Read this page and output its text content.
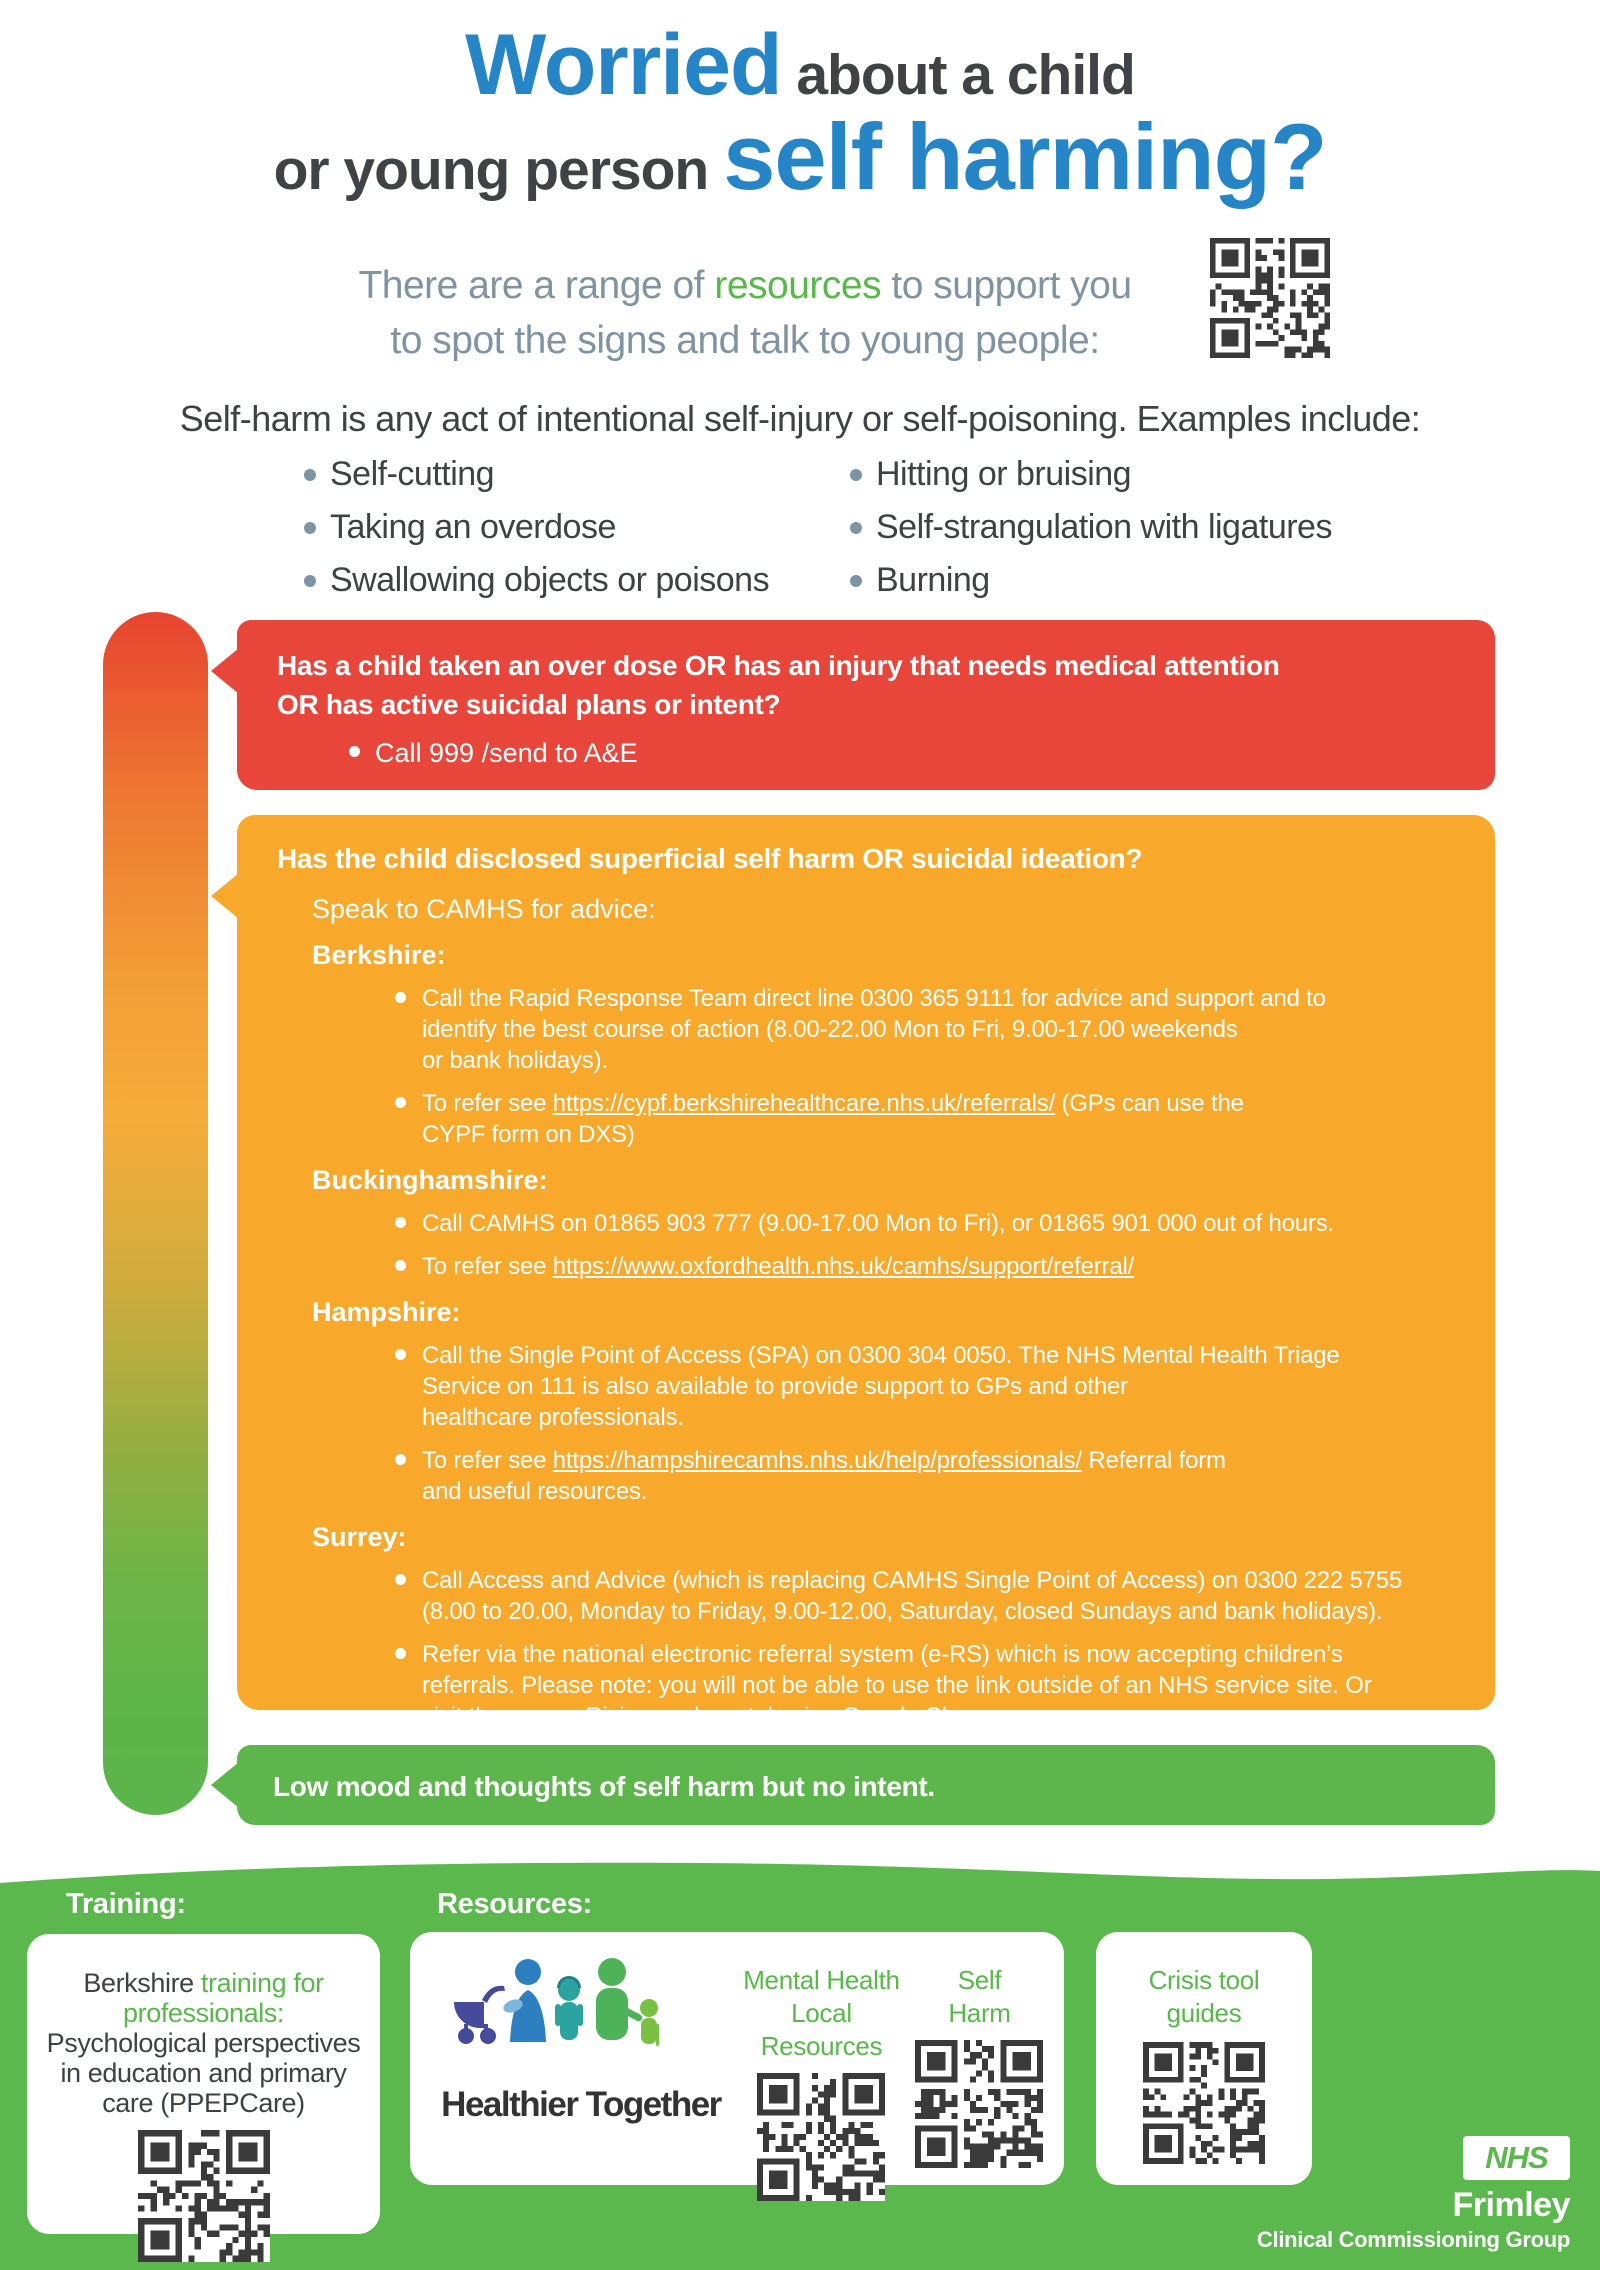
Worried about a child
or young person self harming?
There are a range of resources to support you
to spot the signs and talk to young people:
Self-harm is any act of intentional self-injury or self-poisoning. Examples include:
Self-cutting
Taking an overdose
Swallowing objects or poisons
Hitting or bruising
Self-strangulation with ligatures
Burning
Has a child taken an over dose OR has an injury that needs medical attention
OR has active suicidal plans or intent?
Call 999 /send to A&E
Has the child disclosed superficial self harm OR suicidal ideation?
Speak to CAMHS for advice:
Berkshire:
Call the Rapid Response Team direct line 0300 365 9111 for advice and support and to
identify the best course of action (8.00-22.00 Mon to Fri, 9.00-17.00 weekends
or bank holidays).
To refer see https://cypf.berkshirehealthcare.nhs.uk/referrals/ (GPs can use the
CYPF form on DXS)
Buckinghamshire:
Call CAMHS on 01865 903 777 (9.00-17.00 Mon to Fri), or 01865 901 000 out of hours.
To refer see https://www.oxfordhealth.nhs.uk/camhs/support/referral/
Hampshire:
Call the Single Point of Access (SPA) on 0300 304 0050. The NHS Mental Health Triage
Service on 111 is also available to provide support to GPs and other
healthcare professionals.
To refer see https://hampshirecamhs.nhs.uk/help/professionals/ Referral form
and useful resources.
Surrey:
Call Access and Advice (which is replacing CAMHS Single Point of Access) on 0300 222 5755
(8.00 to 20.00, Monday to Friday, 9.00-12.00, Saturday, closed Sundays and bank holidays).
Refer via the national electronic referral system (e-RS) which is now accepting children’s
referrals. Please note: you will not be able to use the link outside of an NHS service site. Or
visit the secure Riviam web portal using Google Chrome.
Low mood and thoughts of self harm but no intent.
Training:	Resources:
Berkshire training for professionals: Psychological perspectives in education and primary care (PPEPCare)	Healthier Together
Mental Health
Local Resources
Self
Harm
Crisis tool
guides
NHS
Frimley
Clinical Commissioning Group
